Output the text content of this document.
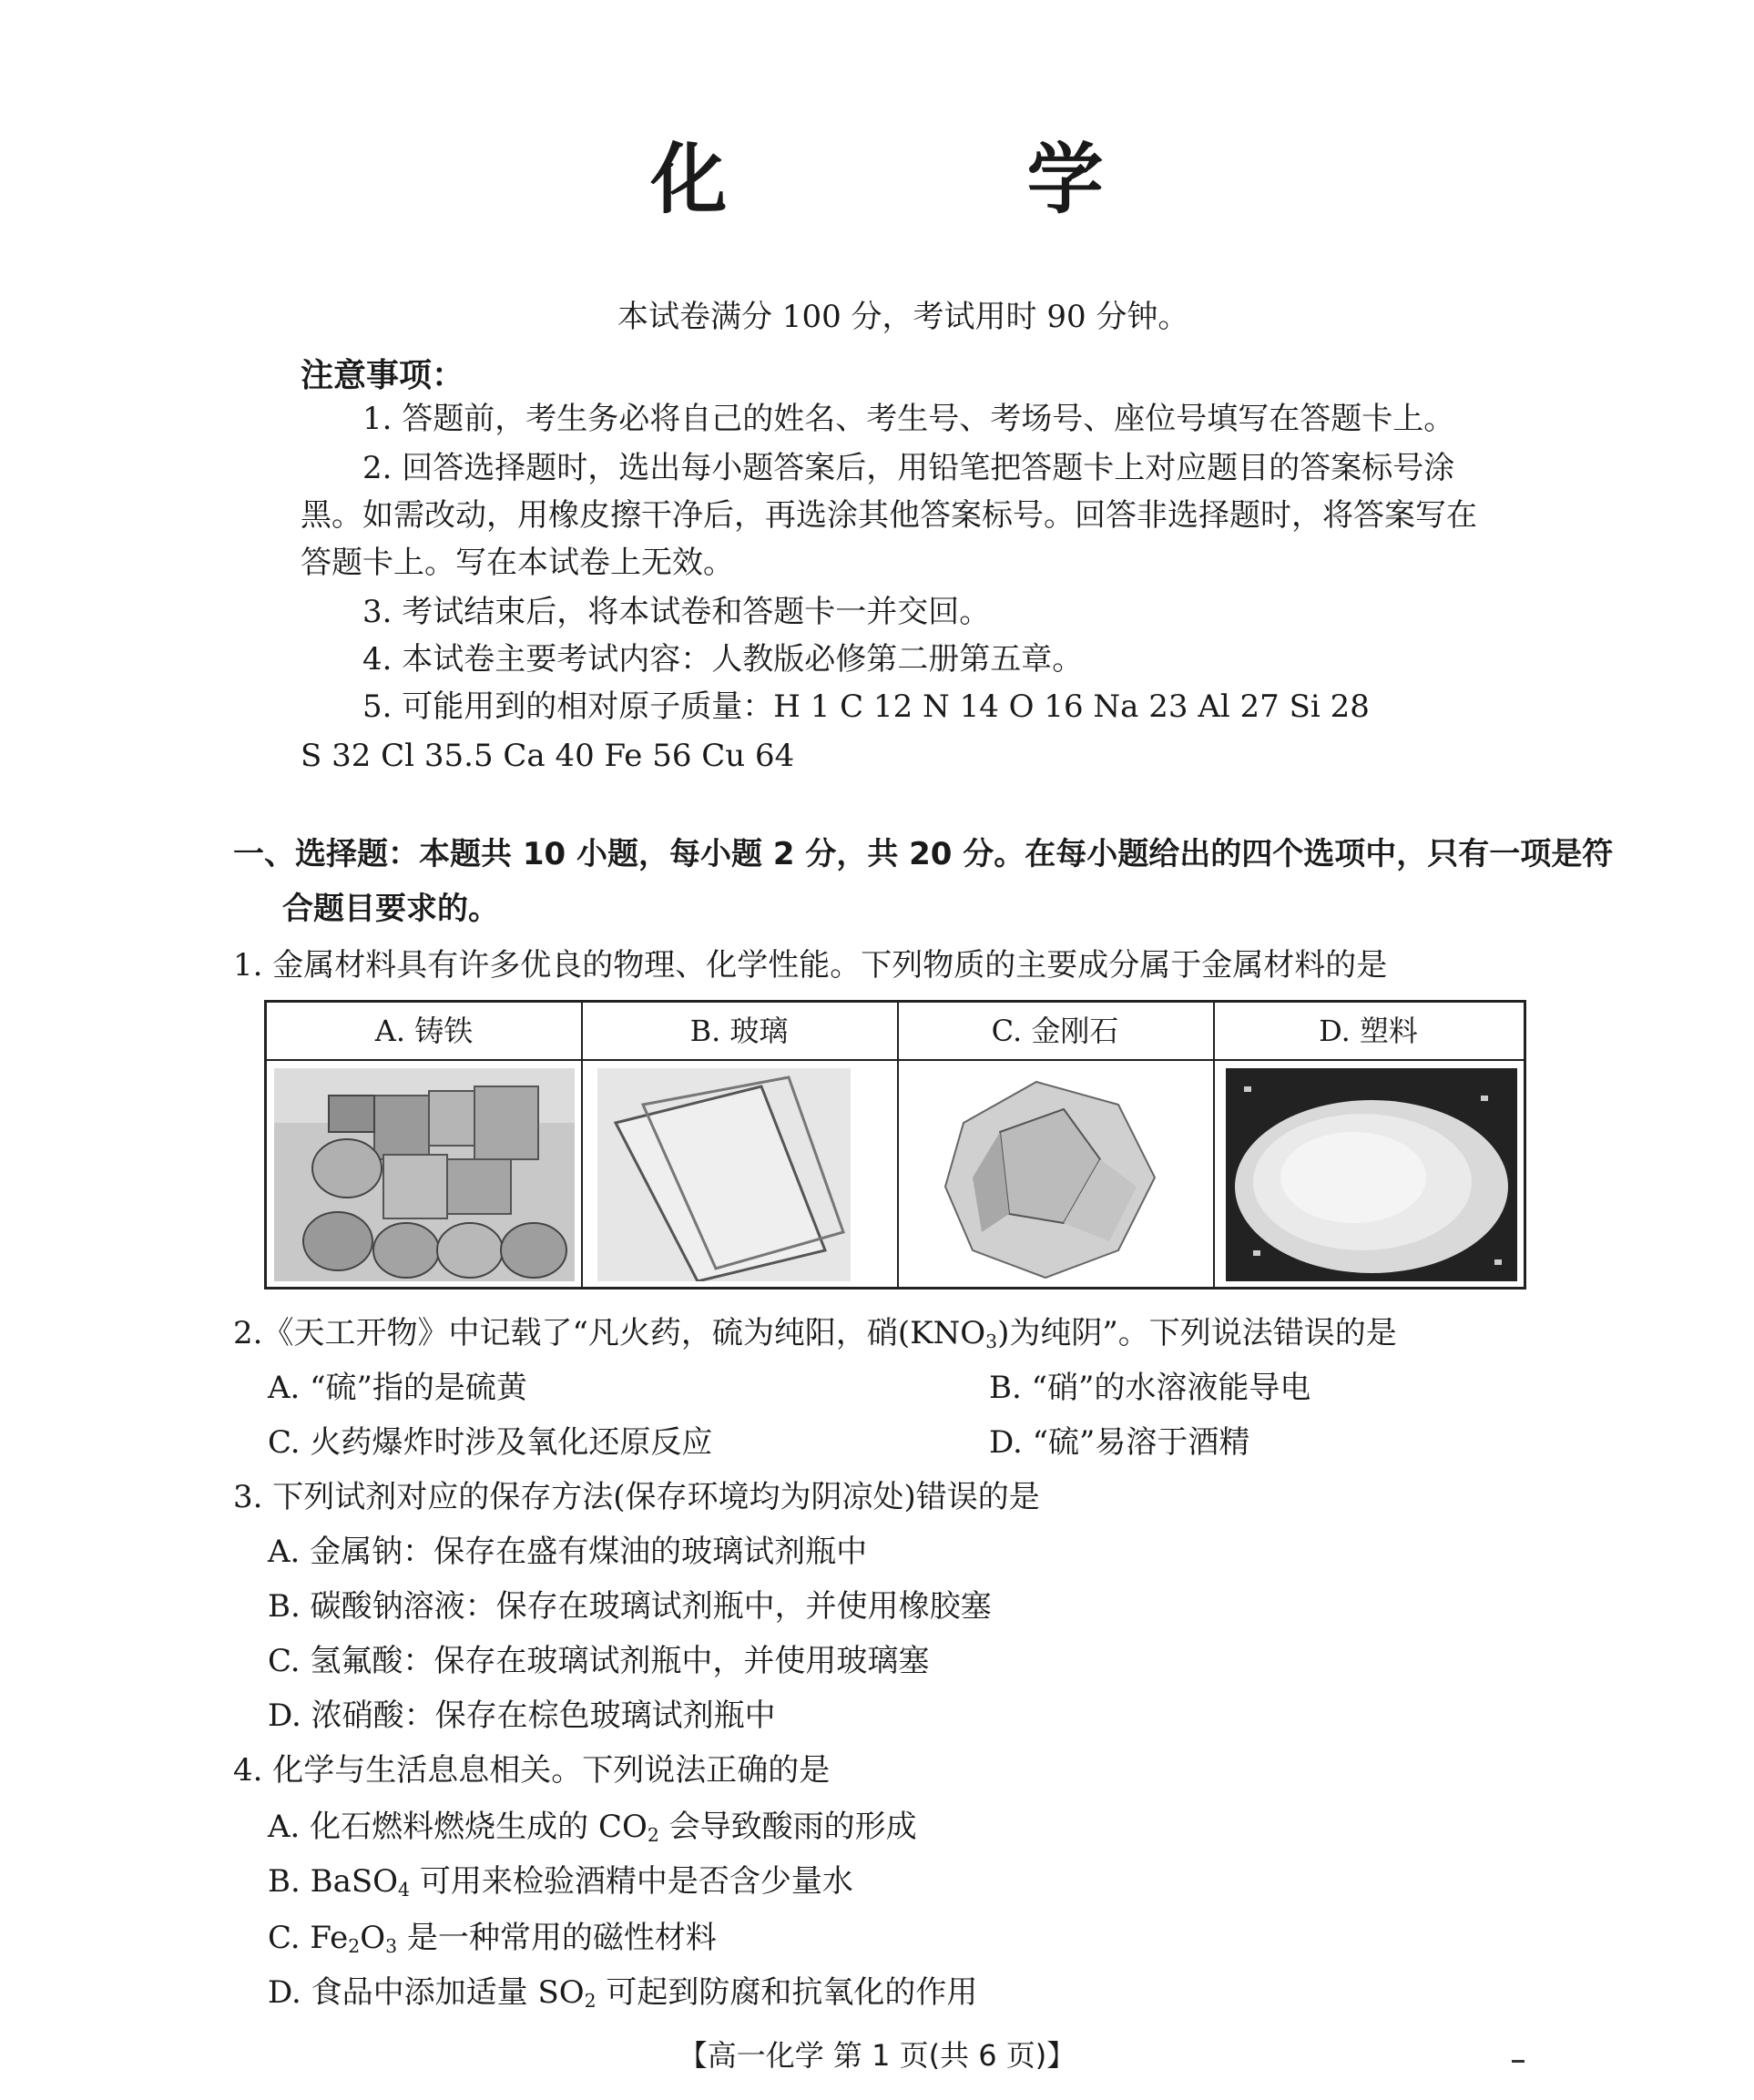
化 学
本试卷满分 100 分，考试用时 90 分钟。
注意事项：
1. 答题前，考生务必将自己的姓名、考生号、考场号、座位号填写在答题卡上。
2. 回答选择题时，选出每小题答案后，用铅笔把答题卡上对应题目的答案标号涂
黑。如需改动，用橡皮擦干净后，再选涂其他答案标号。回答非选择题时，将答案写在
答题卡上。写在本试卷上无效。
3. 考试结束后，将本试卷和答题卡一并交回。
4. 本试卷主要考试内容：人教版必修第二册第五章。
5. 可能用到的相对原子质量：H 1 C 12 N 14 O 16 Na 23 Al 27 Si 28
S 32 Cl 35.5 Ca 40 Fe 56 Cu 64
一、选择题：本题共 10 小题，每小题 2 分，共 20 分。在每小题给出的四个选项中，只有一项是符
合题目要求的。
1. 金属材料具有许多优良的物理、化学性能。下列物质的主要成分属于金属材料的是
A. 铸铁	B. 玻璃	C. 金刚石	D. 塑料
2.《天工开物》中记载了“凡火药，硫为纯阳，硝$(KNO_3)$为纯阴”。下列说法错误的是
A. “硫”指的是硫黄	B. “硝”的水溶液能导电
C. 火药爆炸时涉及氧化还原反应	D. “硫”易溶于酒精
3. 下列试剂对应的保存方法(保存环境均为阴凉处)错误的是
A. 金属钠：保存在盛有煤油的玻璃试剂瓶中
B. 碳酸钠溶液：保存在玻璃试剂瓶中，并使用橡胶塞
C. 氢氟酸：保存在玻璃试剂瓶中，并使用玻璃塞
D. 浓硝酸：保存在棕色玻璃试剂瓶中
4. 化学与生活息息相关。下列说法正确的是
A. 化石燃料燃烧生成的 $CO_2$ 会导致酸雨的形成
B. BaSO$_4$ 可用来检验酒精中是否含少量水
C. $Fe_2O_3$ 是一种常用的磁性材料
D. 食品中添加适量 $SO_2$ 可起到防腐和抗氧化的作用
【高一化学 第 1 页(共 6 页)】
